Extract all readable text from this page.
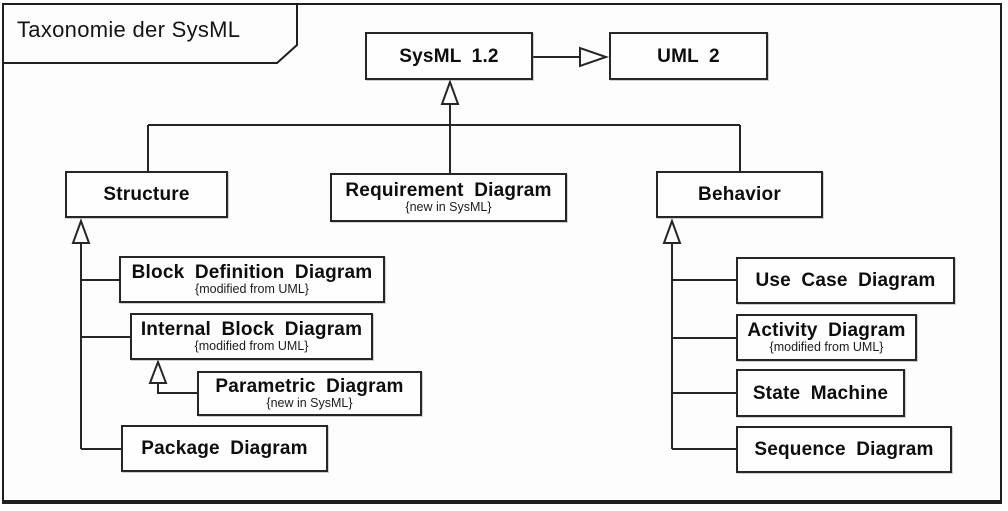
Taxonomie der SysML
SysML 1.2	UML 2
Structure	Requirement Diagram
{new in SysML}
Behavior
Block Definition Diagram
{modified from UML}
Internal Block Diagram
{modified from UML}
Parametric Diagram
{new in SysML}
Package Diagram
Use Case Diagram
Activity Diagram
{modified from UML}
State Machine
Sequence Diagram
